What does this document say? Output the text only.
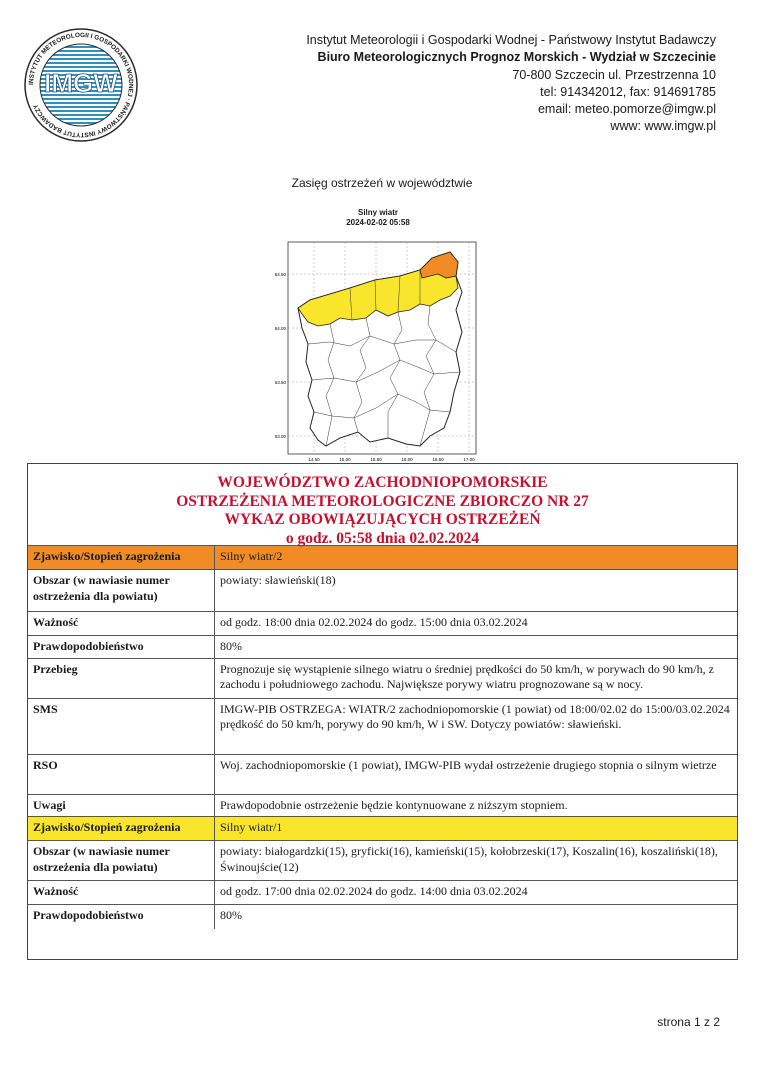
INSTYTUT METEOROLOGII I GOSPODARKI WODNEJ · PAŃSTWOWY INSTYTUT BADAWCZY
IMGW
Instytut Meteorologii i Gospodarki Wodnej - Państwowy Instytut Badawczy
Biuro Meteorologicznych Prognoz Morskich - Wydział w Szczecinie
70-800 Szczecin ul. Przestrzenna 10
tel: 914342012, fax: 914691785
email: meteo.pomorze@imgw.pl
www: www.imgw.pl
Zasięg ostrzeżeń w województwie
Silny wiatr
2024-02-02 05:58
54.50
54.00
53.50
53.00
14.50	15.00	15.50	16.00	16.50	17.00
WOJEWÓDZTWO ZACHODNIOPOMORSKIE
OSTRZEŻENIA METEOROLOGICZNE ZBIORCZO NR 27
WYKAZ OBOWIĄZUJĄCYCH OSTRZEŻEŃ
o godz. 05:58 dnia 02.02.2024
Zjawisko/Stopień zagrożenia	Silny wiatr/2
Obszar (w nawiasie numer ostrzeżenia dla powiatu)	powiaty: sławieński(18)
Ważność	od godz. 18:00 dnia 02.02.2024 do godz. 15:00 dnia 03.02.2024
Prawdopodobieństwo	80%
Przebieg	Prognozuje się wystąpienie silnego wiatru o średniej prędkości do 50 km/h, w porywach do 90 km/h, z zachodu i południowego zachodu. Największe porywy wiatru prognozowane są w nocy.
SMS	IMGW-PIB OSTRZEGA: WIATR/2 zachodniopomorskie (1 powiat) od 18:00/02.02 do 15:00/03.02.2024 prędkość do 50 km/h, porywy do 90 km/h, W i SW. Dotyczy powiatów: sławieński.
RSO	Woj. zachodniopomorskie (1 powiat), IMGW-PIB wydał ostrzeżenie drugiego stopnia o silnym wietrze
Uwagi	Prawdopodobnie ostrzeżenie będzie kontynuowane z niższym stopniem.
Zjawisko/Stopień zagrożenia	Silny wiatr/1
Obszar (w nawiasie numer ostrzeżenia dla powiatu)	powiaty: białogardzki(15), gryficki(16), kamieński(15), kołobrzeski(17), Koszalin(16), koszaliński(18), Świnoujście(12)
Ważność	od godz. 17:00 dnia 02.02.2024 do godz. 14:00 dnia 03.02.2024
Prawdopodobieństwo	80%
strona 1 z 2
